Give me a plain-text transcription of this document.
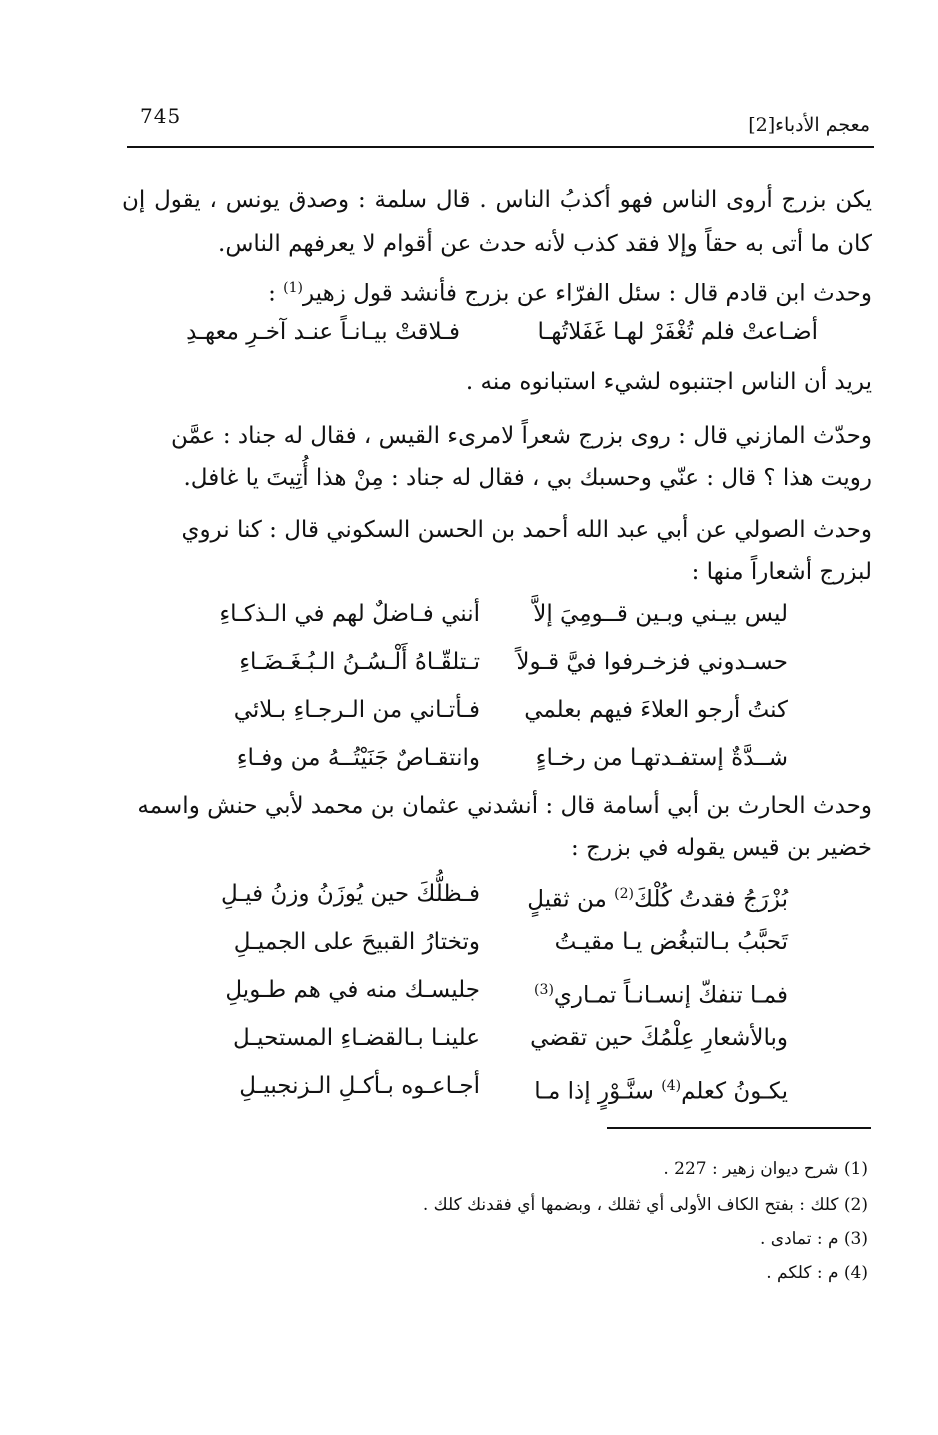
745	معجم الأدباء[2]
يكن بزرج أروى الناس فهو أكذبُ الناس . قال سلمة : وصدق يونس ، يقول إن كان ما أتى به حقاً وإلا فقد كذب لأنه حدث عن أقوام لا يعرفهم الناس.
وحدث ابن قادم قال : سئل الفرّاء عن بزرج فأنشد قول زهير$^{(1)}$ :
أضـاعتْ فلم تُغْفَرْ لهـا غَفَلاتُهـا
فـلاقتْ بيـانـاً عنـد آخـرِ معهـدِ
يريد أن الناس اجتنبوه لشيء استبانوه منه .
وحدّث المازني قال : روى بزرج شعراً لامرىء القيس ، فقال له جناد : عمَّن
رويت هذا ؟ قال : عنّي وحسبك بي ، فقال له جناد : مِنْ هذا أُتِيتَ يا غافل.
وحدث الصولي عن أبي عبد الله أحمد بن الحسن السكوني قال : كنا نروي
لبزرج أشعاراً منها :
ليس بيـني وبـين قــومِيَ إلاَّ
أنني فـاضلٌ لهم في الـذكـاءِ
حسـدوني فزخـرفوا فيَّ قـولاً
تـتلقّـاهُ أَلْـسُـنُ الـبُـغَـضَـاءِ
كنتُ أرجو العلاءَ فيهم بعلمي
فـأتـاني من الـرجـاءِ بـلائي
شــدَّةٌ إستفـدتهـا من رخـاءٍ
وانتقـاصٌ جَنَيْتُــهُ من وفـاءِ
وحدث الحارث بن أبي أسامة قال : أنشدني عثمان بن محمد لأبي حنش واسمه
خضير بن قيس يقوله في بزرج :
بُزْرَجُ فقدتُ كُلْكَ$^{(2)}$ من ثقيلٍ
فـظلُّكَ حين يُوزَنُ وزنُ فيـلِ
تَحبَّبُ بـالتبغُض يـا مقيـتُ
وتختارُ القبيحَ على الجميـلِ
فمـا تنفكّ إنسـانـاً تمـاري$^{(3)}$
جليسـك منه في هم طـويلِ
وبالأشعارِ عِلْمُكَ حين تقضي
علينـا بـالقضـاءِ المستحيـل
يكـونُ كعلم$^{(4)}$ سنَّـوْرٍ إذا مـا
أجـاعـوه بـأكـلِ الـزنجبيـلِ
(1) شرح ديوان زهير : 227 .
(2) كلك : بفتح الكاف الأولى أي ثقلك ، وبضمها أي فقدنك كلك .
(3) م : تمادى .
(4) م : كلكم .
